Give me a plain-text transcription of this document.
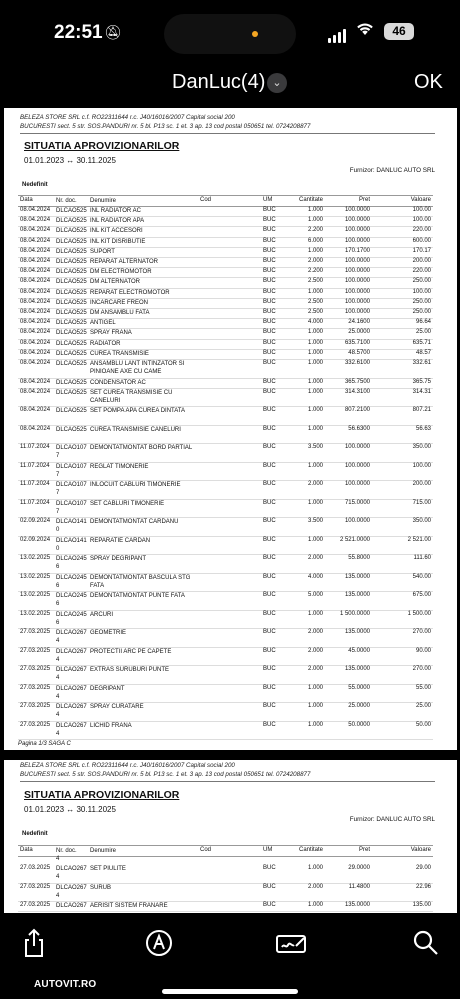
22:51 🔕︎	46
DanLuc(4) ⌄	OK
BELEZA STORE SRL c.f. RO22311644 r.c. J40/16016/2007 Capital social 200
BUCURESTI sect. 5 str. SOS.PANDURI nr. 5 bl. P13 sc. 1 et. 3 ap. 13 cod postal 050651 tel. 0724208877
SITUATIA APROVIZIONARILOR
01.01.2023 ↔ 30.11.2025
Furnizor: DANLUC AUTO SRL
Nedefinit
Data	Nr. doc.	Denumire	Cod	UM	Cantitate	Pret	Valoare
08.04.2024 DLCAO525 INL RADIATOR AC	BUC	1.000	100.0000	100.00
08.04.2024 DLCAO525 INL RADIATOR APA	BUC	1.000	100.0000	100.00
08.04.2024 DLCAO525 INL KIT ACCESORI	BUC	2.200	100.0000	220.00
08.04.2024 DLCAO525 INL KIT DISRIBUTIE	BUC	6.000	100.0000	600.00
08.04.2024 DLCAO525 SUPORT	BUC	1.000	170.1700	170.17
08.04.2024 DLCAO525 REPARAT ALTERNATOR	BUC	2.000	100.0000	200.00
08.04.2024 DLCAO525 DM ELECTROMOTOR	BUC	2.200	100.0000	220.00
08.04.2024 DLCAO525 DM ALTERNATOR	BUC	2.500	100.0000	250.00
08.04.2024 DLCAO525 REPARAT ELECTROMOTOR	BUC	1.000	100.0000	100.00
08.04.2024 DLCAO525 INCARCARE FREON	BUC	2.500	100.0000	250.00
08.04.2024 DLCAO525 DM ANSAMBLU FATA	BUC	2.500	100.0000	250.00
08.04.2024 DLCAO525 ANTIGEL	BUC	4.000	24.1600	96.64
08.04.2024 DLCAO525 SPRAY FRANA	BUC	1.000	25.0000	25.00
08.04.2024 DLCAO525 RADIATOR	BUC	1.000	635.7100	635.71
08.04.2024 DLCAO525 CUREA TRANSMISIE	BUC	1.000	48.5700	48.57
08.04.2024 DLCAO525 ANSAMBLU LANT INTINZATOR SI PINIOANE AXE CU CAME
BUC	1.000	332.6100	332.61
08.04.2024 DLCAO525 CONDENSATOR AC	BUC	1.000	365.7500	365.75
08.04.2024 DLCAO525 SET CUREA TRANSMISIE CU CANELURI
BUC	1.000	314.3100	314.31
08.04.2024 DLCAO525 SET POMPA APA CUREA DINTATA	BUC	1.000	807.2100	807.21
08.04.2024 DLCAO525 CUREA TRANSMISIE CANELURI	BUC	1.000	56.6300	56.63
11.07.2024 DLCAO107 7
DEMONTATMONTAT BORD PARTIAL	BUC	3.500	100.0000	350.00
11.07.2024 DLCAO107 7
REGLAT TIMONERIE	BUC	1.000	100.0000	100.00
11.07.2024 DLCAO107 7
INLOCUIT CABLURI TIMONERIE	BUC	2.000	100.0000	200.00
11.07.2024 DLCAO107 7
SET CABLURI TIMONERIE	BUC	1.000	715.0000	715.00
02.09.2024 DLCAO141 0
DEMONTATMONTAT CARDANU	BUC	3.500	100.0000	350.00
02.09.2024 DLCAO141 0
REPARATIE CARDAN	BUC	1.000	2 521.0000	2 521.00
13.02.2025 DLCAO245 6
SPRAY DEGRIPANT	BUC	2.000	55.8000	111.60
13.02.2025 DLCAO245 6
DEMONTATMONTAT BASCULA STG FATA
BUC	4.000	135.0000	540.00
13.02.2025 DLCAO245 6
DEMONTATMONTAT PUNTE FATA	BUC	5.000	135.0000	675.00
13.02.2025 DLCAO245 6
ARCURI	BUC	1.000	1 500.0000	1 500.00
27.03.2025 DLCAO267 4
GEOMETRIE	BUC	2.000	135.0000	270.00
27.03.2025 DLCAO267 4
PROTECTII ARC PE CAPETE	BUC	2.000	45.0000	90.00
27.03.2025 DLCAO267 4
EXTRAS SURUBURI PUNTE	BUC	2.000	135.0000	270.00
27.03.2025 DLCAO267 4
DEGRIPANT	BUC	1.000	55.0000	55.00
27.03.2025 DLCAO267 4
SPRAY CURATARE	BUC	1.000	25.0000	25.00
27.03.2025 DLCAO267 4
LICHID FRANA	BUC	1.000	50.0000	50.00
Pagina 1/3 SAGA C
BELEZA STORE SRL c.f. RO22311644 r.c. J40/16016/2007 Capital social 200
BUCURESTI sect. 5 str. SOS.PANDURI nr. 5 bl. P13 sc. 1 et. 3 ap. 13 cod postal 050651 tel. 0724208877
SITUATIA APROVIZIONARILOR
01.01.2023 ↔ 30.11.2025
Furnizor: DANLUC AUTO SRL
Nedefinit
Data	Nr. doc.	Denumire	Cod	UM	Cantitate	Pret	Valoare
4
27.03.2025 DLCAO267 4
SET PIULITE	BUC	1.000	29.0000	29.00
27.03.2025 DLCAO267 4
SURUB	BUC	2.000	11.4800	22.96
27.03.2025 DLCAO267 AERISIT SISTEM FRANARE	BUC	1.000	135.0000	135.00
AUTOVIT.RO
